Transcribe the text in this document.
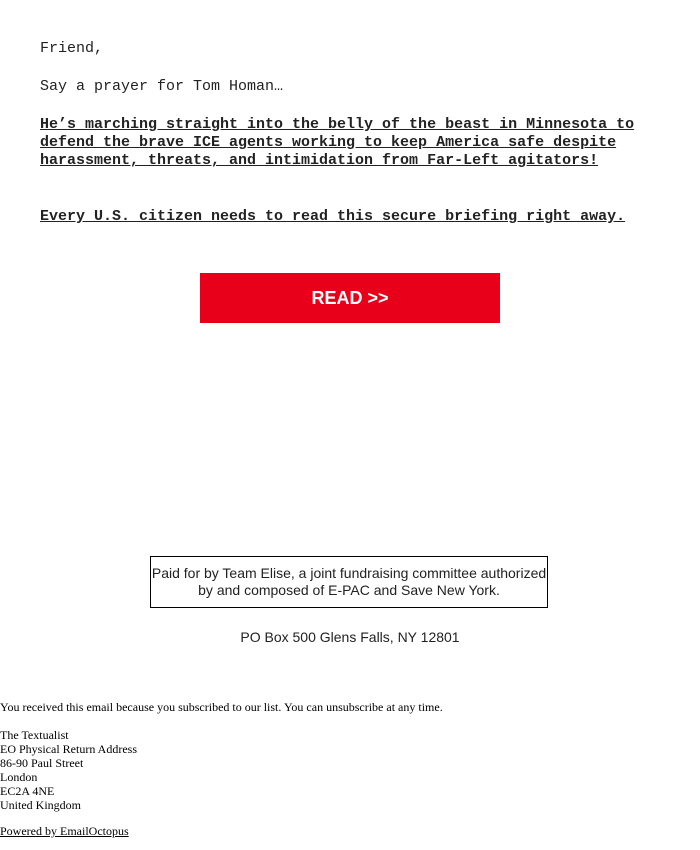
Friend,

Say a prayer for Tom Homan…

He’s marching straight into the belly of the beast in Minnesota to defend the brave ICE agents working to keep America safe despite harassment, threats, and intimidation from Far-Left agitators!
Every U.S. citizen needs to read this secure briefing right away.
READ >>
Paid for by Team Elise, a joint fundraising committee authorized by and composed of E-PAC and Save New York.
PO Box 500 Glens Falls, NY 12801

You received this email because you subscribed to our list. You can unsubscribe at any time.

The Textualist
EO Physical Return Address
86-90 Paul Street
London
EC2A 4NE
United Kingdom
Powered by EmailOctopus
